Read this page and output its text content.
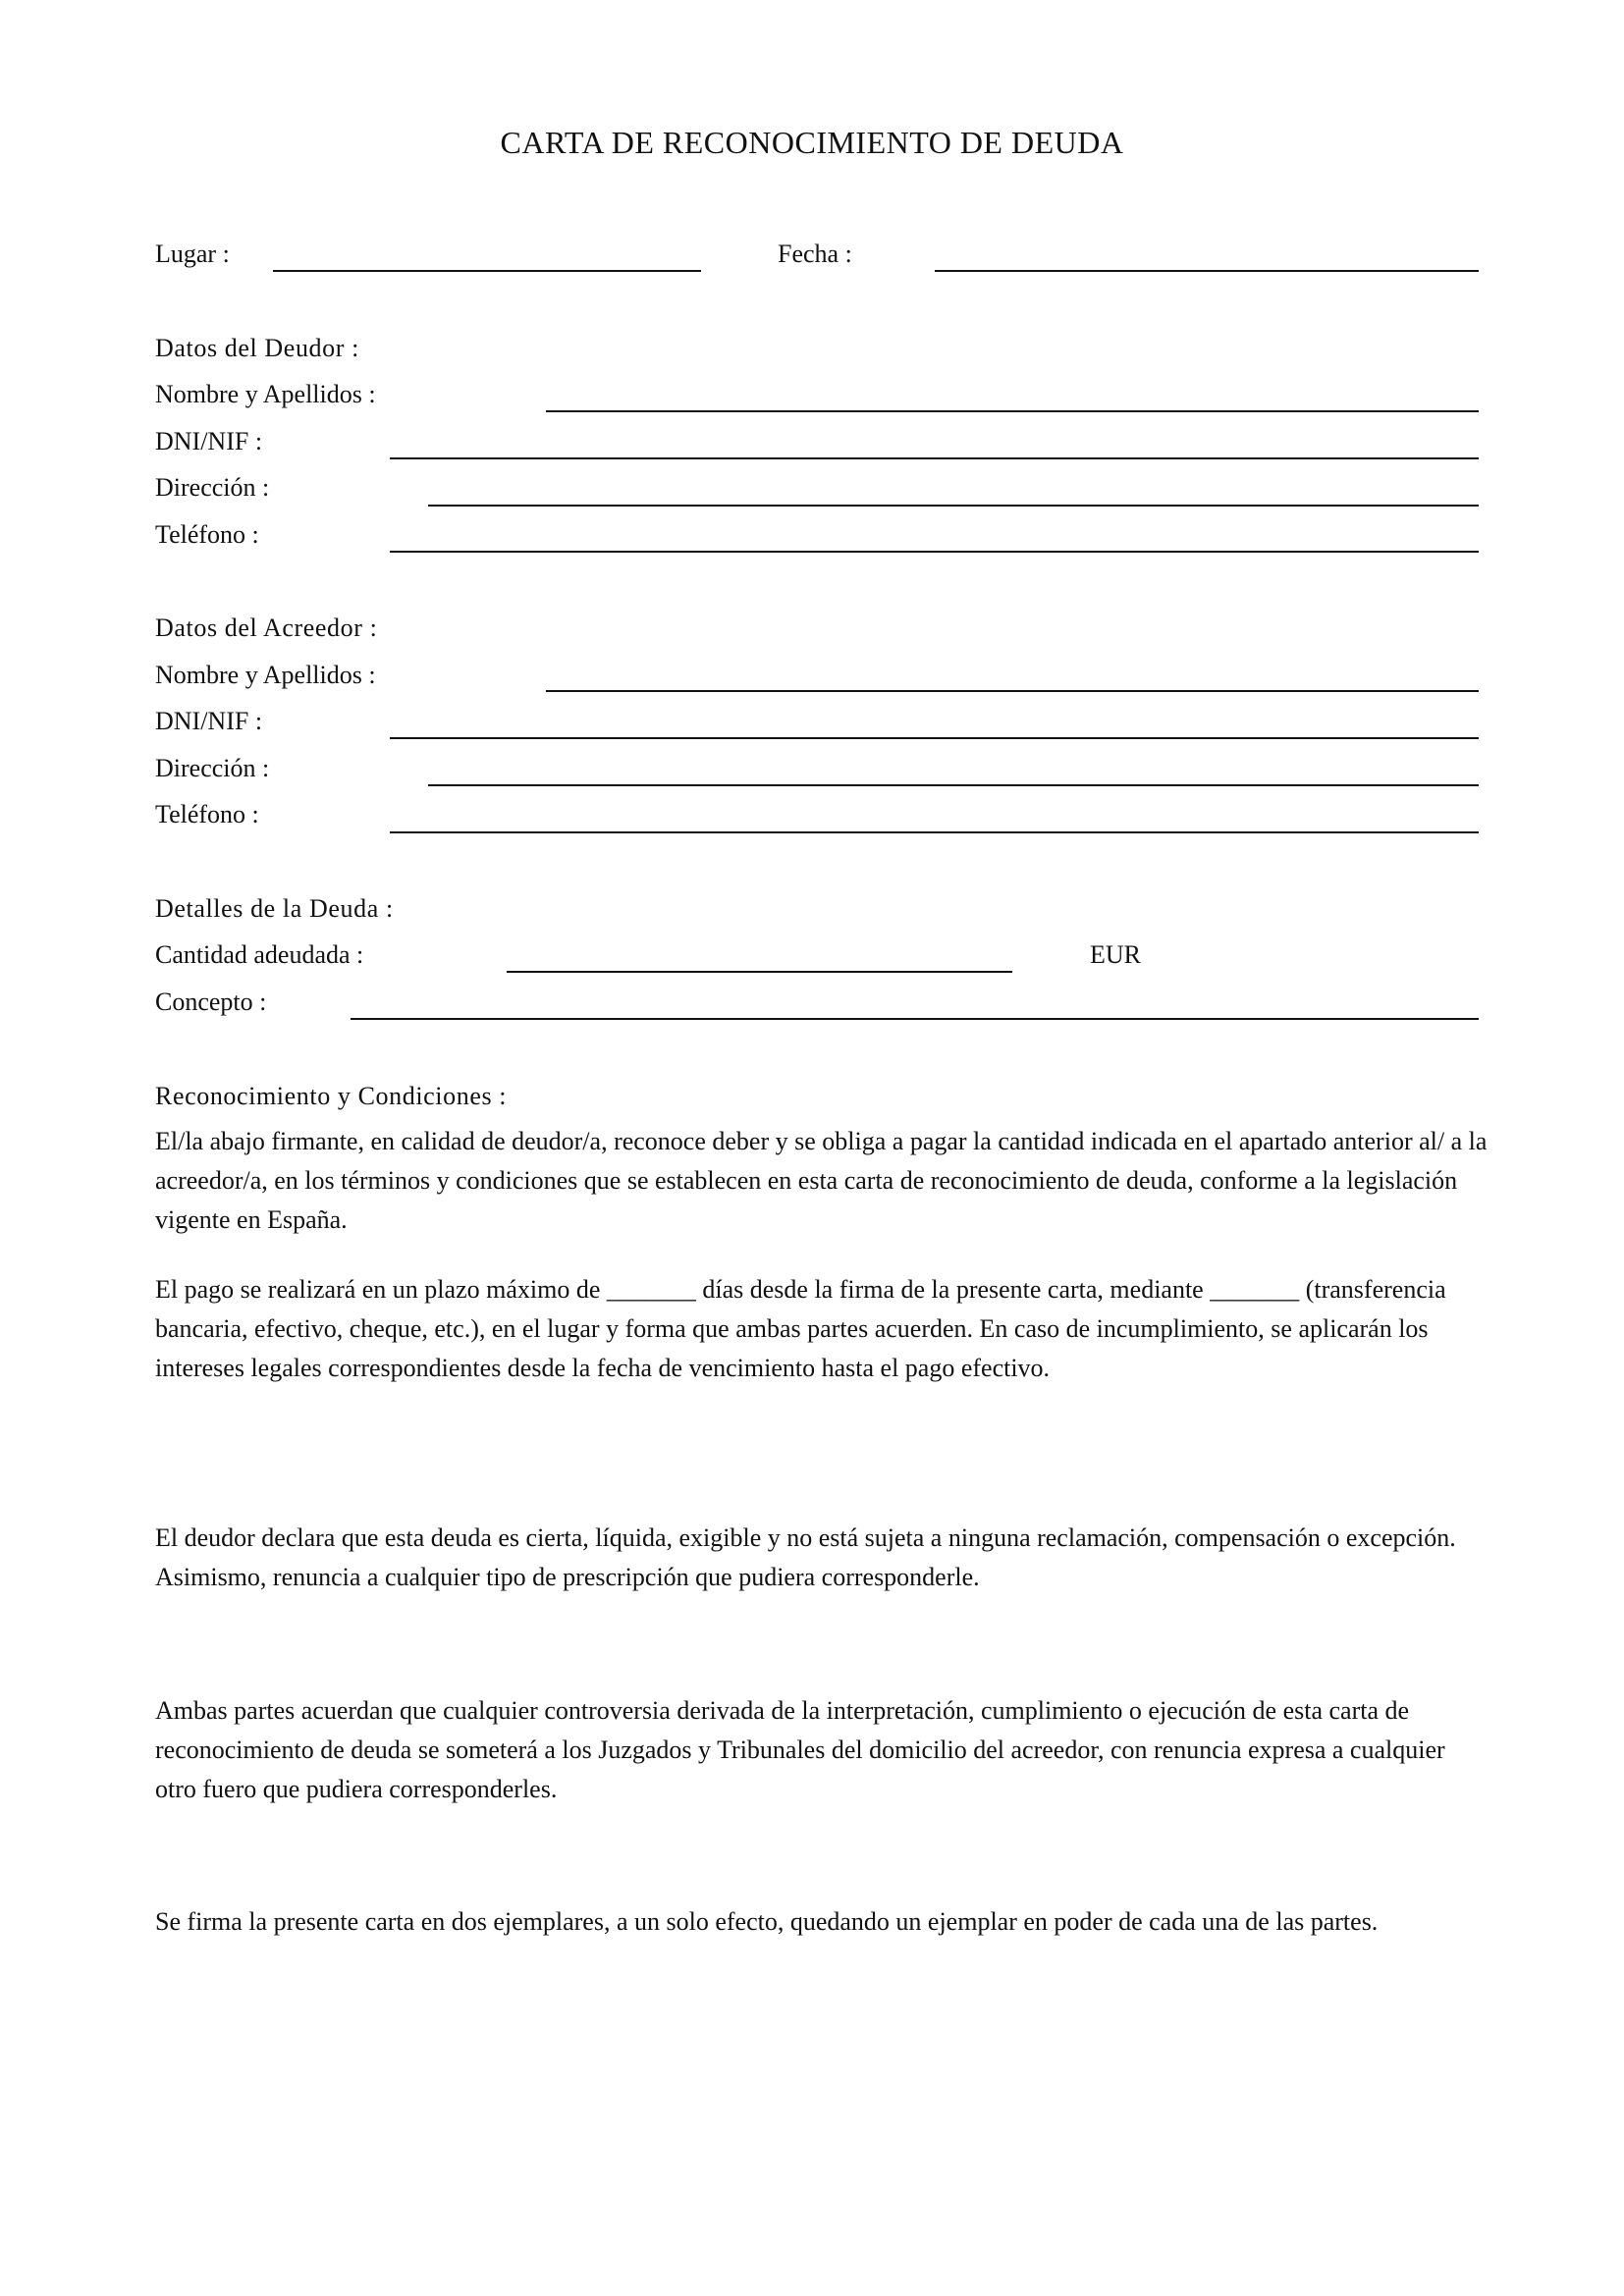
CARTA DE RECONOCIMIENTO DE DEUDA
Lugar :	Fecha :
Datos del Deudor :
Nombre y Apellidos :
DNI/NIF :
Dirección :
Teléfono :
Datos del Acreedor :
Nombre y Apellidos :
DNI/NIF :
Dirección :
Teléfono :
Detalles de la Deuda :
Cantidad adeudada :	EUR
Concepto :
Reconocimiento y Condiciones :
El/la abajo firmante, en calidad de deudor/a, reconoce deber y se obliga a pagar la cantidad indicada en el apartado anterior al/ a la acreedor/a, en los términos y condiciones que se establecen en esta carta de reconocimiento de deuda, conforme a la legislación vigente en España.
El pago se realizará en un plazo máximo de _______ días desde la firma de la presente carta, mediante _______ (transferencia bancaria, efectivo, cheque, etc.), en el lugar y forma que ambas partes acuerden. En caso de incumplimiento, se aplicarán los intereses legales correspondientes desde la fecha de vencimiento hasta el pago efectivo.
El deudor declara que esta deuda es cierta, líquida, exigible y no está sujeta a ninguna reclamación, compensación o excepción. Asimismo, renuncia a cualquier tipo de prescripción que pudiera corresponderle.
Ambas partes acuerdan que cualquier controversia derivada de la interpretación, cumplimiento o ejecución de esta carta de reconocimiento de deuda se someterá a los Juzgados y Tribunales del domicilio del acreedor, con renuncia expresa a cualquier otro fuero que pudiera corresponderles.
Se firma la presente carta en dos ejemplares, a un solo efecto, quedando un ejemplar en poder de cada una de las partes.
